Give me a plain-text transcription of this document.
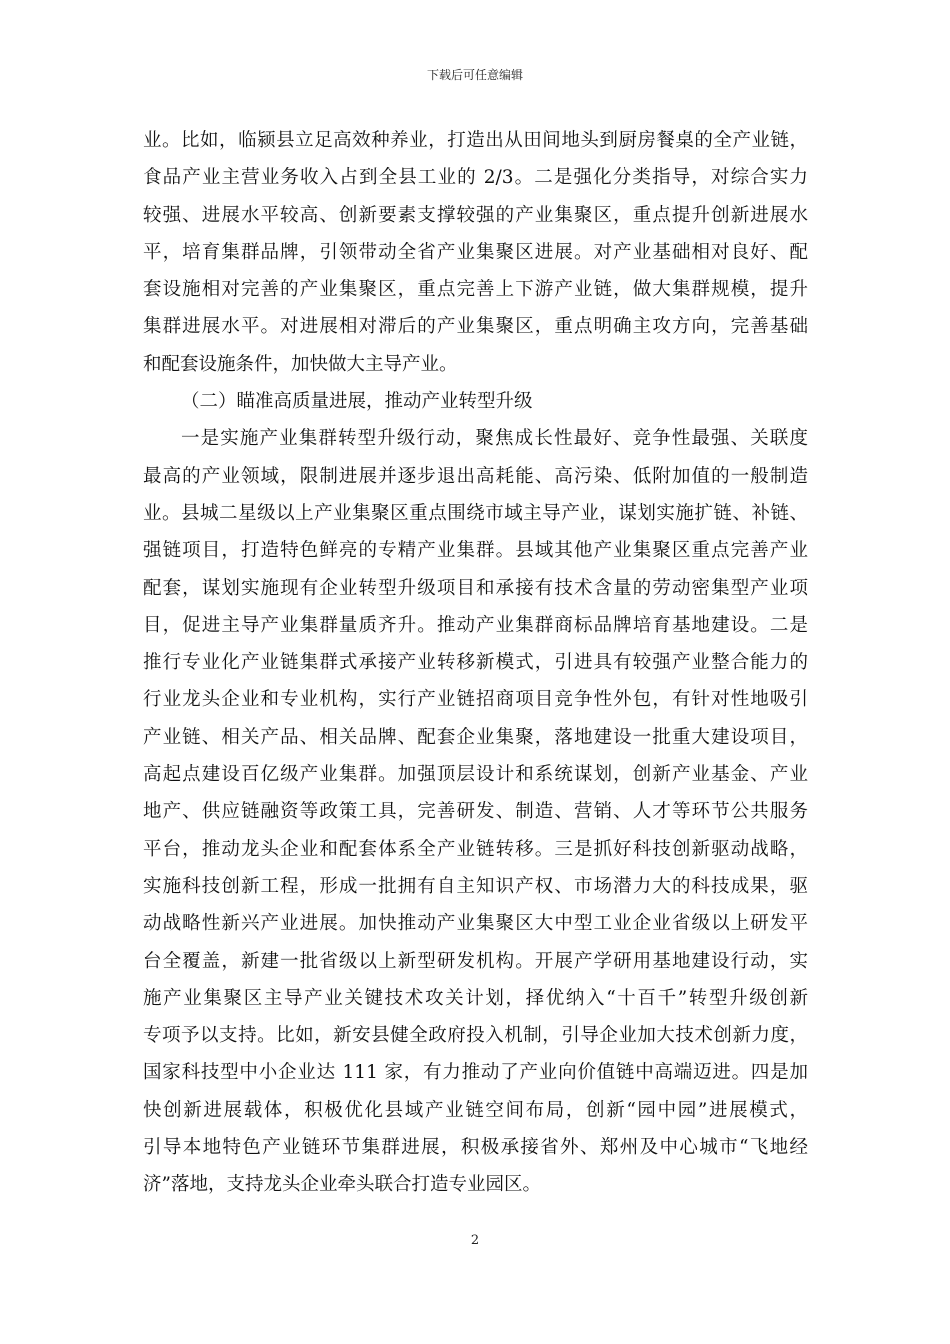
下载后可任意编辑
业。比如，临颍县立足高效种养业，打造出从田间地头到厨房餐桌的全产业链，
食品产业主营业务收入占到全县工业的 2/3。二是强化分类指导，对综合实力
较强、进展水平较高、创新要素支撑较强的产业集聚区，重点提升创新进展水
平，培育集群品牌，引领带动全省产业集聚区进展。对产业基础相对良好、配
套设施相对完善的产业集聚区，重点完善上下游产业链，做大集群规模，提升
集群进展水平。对进展相对滞后的产业集聚区，重点明确主攻方向，完善基础
和配套设施条件，加快做大主导产业。
（二）瞄准高质量进展，推动产业转型升级
一是实施产业集群转型升级行动，聚焦成长性最好、竞争性最强、关联度
最高的产业领域，限制进展并逐步退出高耗能、高污染、低附加值的一般制造
业。县城二星级以上产业集聚区重点围绕市域主导产业，谋划实施扩链、补链、
强链项目，打造特色鲜亮的专精产业集群。县域其他产业集聚区重点完善产业
配套，谋划实施现有企业转型升级项目和承接有技术含量的劳动密集型产业项
目，促进主导产业集群量质齐升。推动产业集群商标品牌培育基地建设。二是
推行专业化产业链集群式承接产业转移新模式，引进具有较强产业整合能力的
行业龙头企业和专业机构，实行产业链招商项目竞争性外包，有针对性地吸引
产业链、相关产品、相关品牌、配套企业集聚，落地建设一批重大建设项目，
高起点建设百亿级产业集群。加强顶层设计和系统谋划，创新产业基金、产业
地产、供应链融资等政策工具，完善研发、制造、营销、人才等环节公共服务
平台，推动龙头企业和配套体系全产业链转移。三是抓好科技创新驱动战略，
实施科技创新工程，形成一批拥有自主知识产权、市场潜力大的科技成果，驱
动战略性新兴产业进展。加快推动产业集聚区大中型工业企业省级以上研发平
台全覆盖，新建一批省级以上新型研发机构。开展产学研用基地建设行动，实
施产业集聚区主导产业关键技术攻关计划，择优纳入“十百千”转型升级创新
专项予以支持。比如，新安县健全政府投入机制，引导企业加大技术创新力度，
国家科技型中小企业达 111 家，有力推动了产业向价值链中高端迈进。四是加
快创新进展载体，积极优化县域产业链空间布局，创新“园中园”进展模式，
引导本地特色产业链环节集群进展，积极承接省外、郑州及中心城市“飞地经
济”落地，支持龙头企业牵头联合打造专业园区。
2
